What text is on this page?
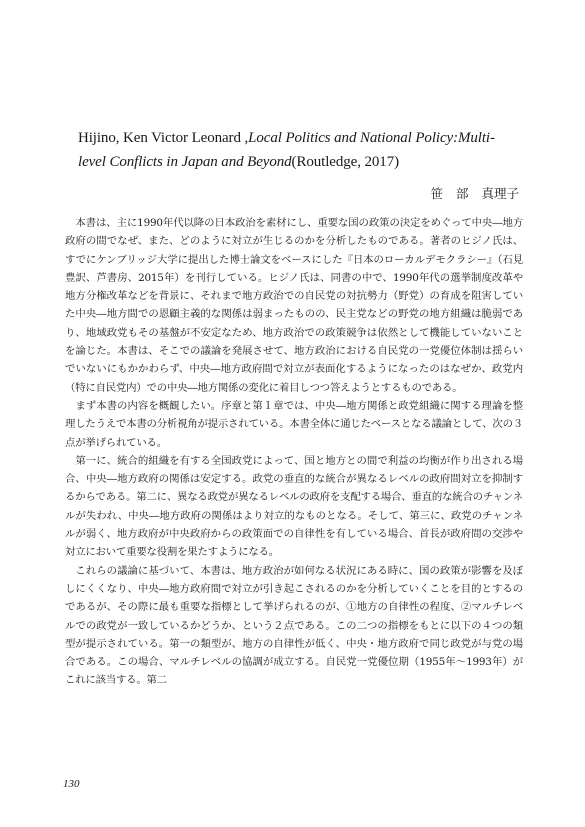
Hijino, Ken Victor Leonard ,Local Politics and National Policy:Multi-level Conflicts in Japan and Beyond(Routledge, 2017)
笹 部 真理子

本書は、主に1990年代以降の日本政治を素材にし、重要な国の政策の決定をめぐって中央―地方政府の間でなぜ、また、どのように対立が生じるのかを分析したものである。著者のヒジノ氏は、すでにケンブリッジ大学に提出した博士論文をベースにした『日本のローカルデモクラシー』（石見豊訳、芦書房、2015年）を刊行している。ヒジノ氏は、同書の中で、1990年代の選挙制度改革や地方分権改革などを背景に、それまで地方政治での自民党の対抗勢力（野党）の育成を阻害していた中央―地方間での恩顧主義的な関係は弱まったものの、民主党などの野党の地方組織は脆弱であり、地域政党もその基盤が不安定なため、地方政治での政策競争は依然として機能していないことを論じた。本書は、そこでの議論を発展させて、地方政治における自民党の一党優位体制は揺らいでいないにもかかわらず、中央―地方政府間で対立が表面化するようになったのはなぜか、政党内（特に自民党内）での中央―地方関係の変化に着目しつつ答えようとするものである。

まず本書の内容を概観したい。序章と第１章では、中央―地方関係と政党組織に関する理論を整理したうえで本書の分析視角が提示されている。本書全体に通じたベースとなる議論として、次の３点が挙げられている。

第一に、統合的組織を有する全国政党によって、国と地方との間で利益の均衡が作り出される場合、中央―地方政府の関係は安定する。政党の垂直的な統合が異なるレベルの政府間対立を抑制するからである。第二に、異なる政党が異なるレベルの政府を支配する場合、垂直的な統合のチャンネルが失われ、中央―地方政府の関係はより対立的なものとなる。そして、第三に、政党のチャンネルが弱く、地方政府が中央政府からの政策面での自律性を有している場合、首長が政府間の交渉や対立において重要な役割を果たすようになる。

これらの議論に基づいて、本書は、地方政治が如何なる状況にある時に、国の政策が影響を及ぼしにくくなり、中央―地方政府間で対立が引き起こされるのかを分析していくことを目的とするのであるが、その際に最も重要な指標として挙げられるのが、①地方の自律性の程度、②マルチレベルでの政党が一致しているかどうか、という２点である。この二つの指標をもとに以下の４つの類型が提示されている。第一の類型が、地方の自律性が低く、中央・地方政府で同じ政党が与党の場合である。この場合、マルチレベルの協調が成立する。自民党一党優位期（1955年～1993年）がこれに該当する。第二

130
